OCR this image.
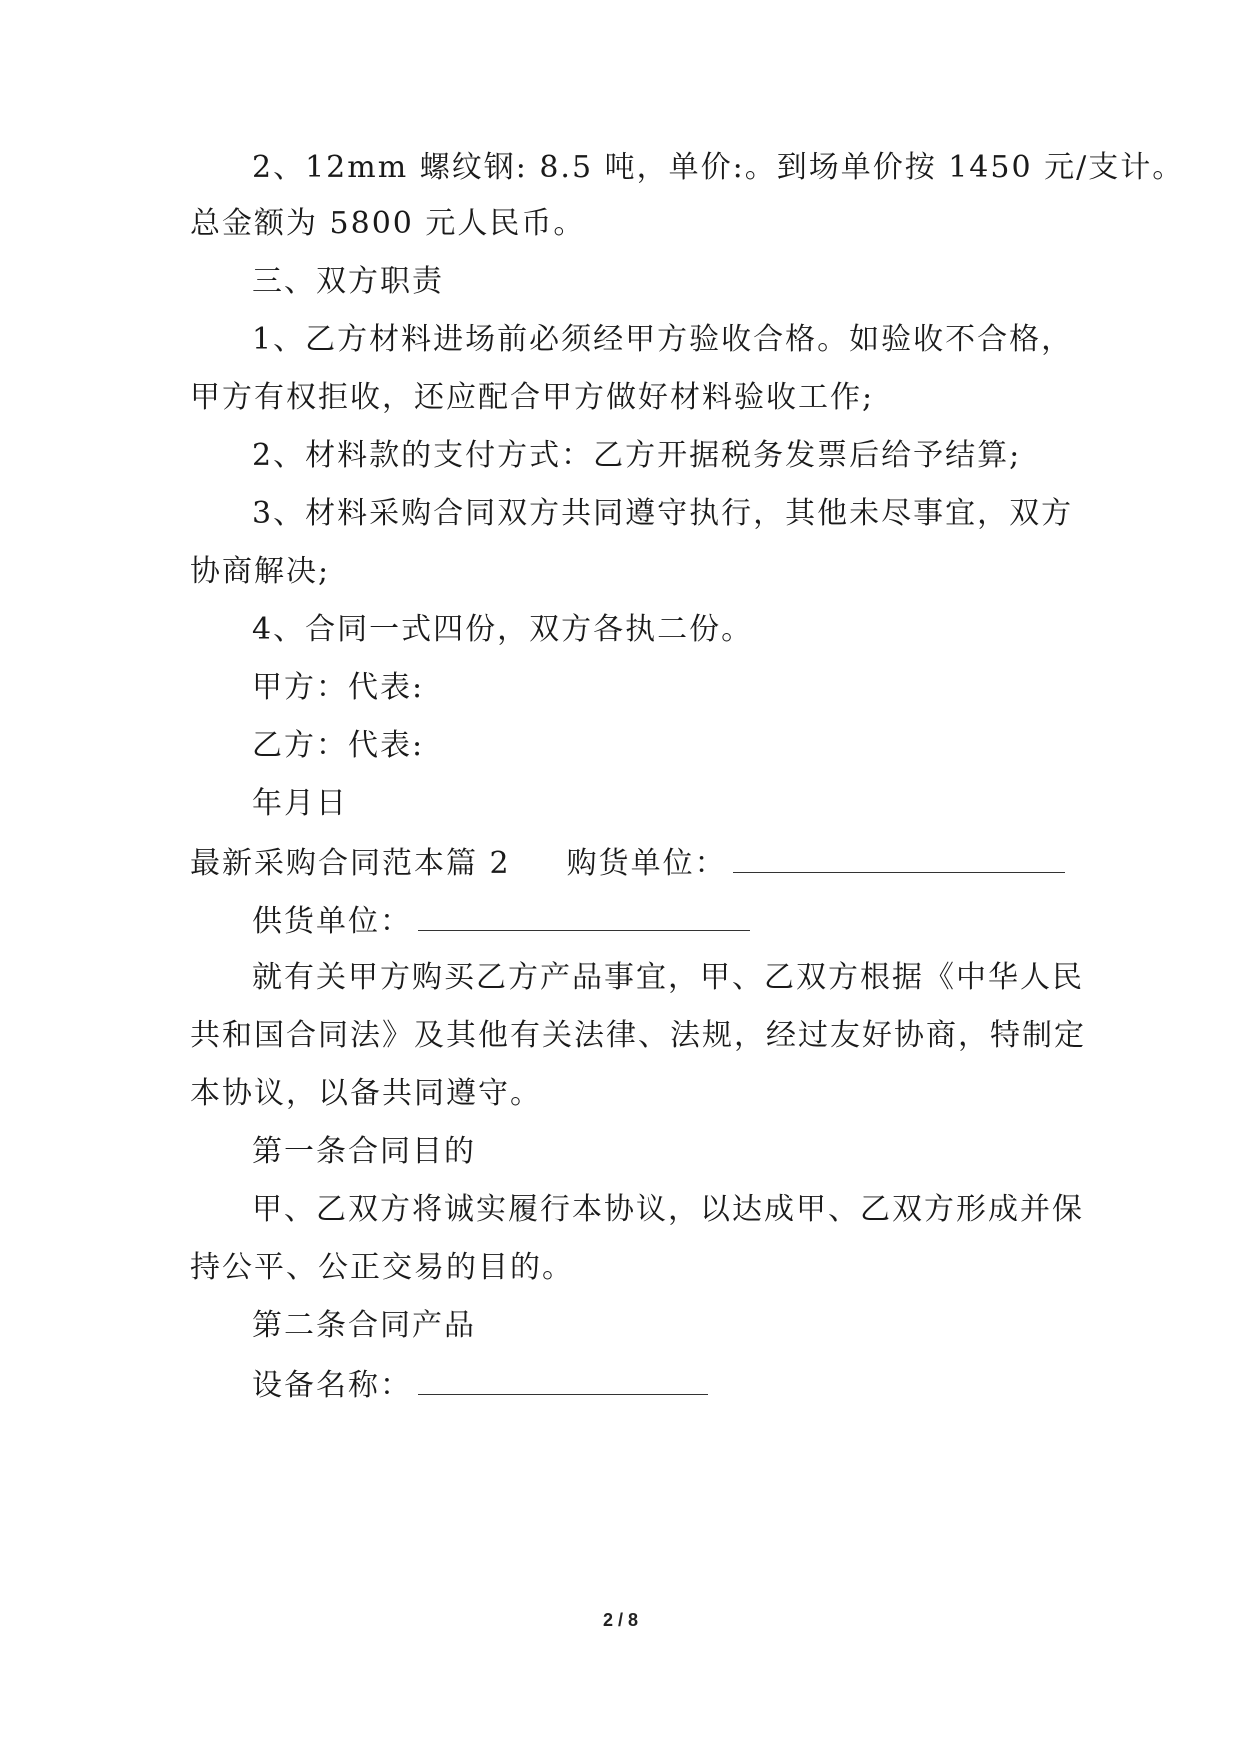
2、12mm 螺纹钢: 8.5 吨，单价:。到场单价按 1450 元/支计。
总金额为 5800 元人民币。
三、双方职责
1、乙方材料进场前必须经甲方验收合格。如验收不合格，
甲方有权拒收，还应配合甲方做好材料验收工作;
2、材料款的支付方式：乙方开据税务发票后给予结算;
3、材料采购合同双方共同遵守执行，其他未尽事宜，双方
协商解决;
4、合同一式四份，双方各执二份。
甲方：代表:
乙方：代表:
年月日
最新采购合同范本篇 2 购货单位：
供货单位：
就有关甲方购买乙方产品事宜，甲、乙双方根据《中华人民
共和国合同法》及其他有关法律、法规，经过友好协商，特制定
本协议，以备共同遵守。
第一条合同目的
甲、乙双方将诚实履行本协议，以达成甲、乙双方形成并保
持公平、公正交易的目的。
第二条合同产品
设备名称：
2 / 8
